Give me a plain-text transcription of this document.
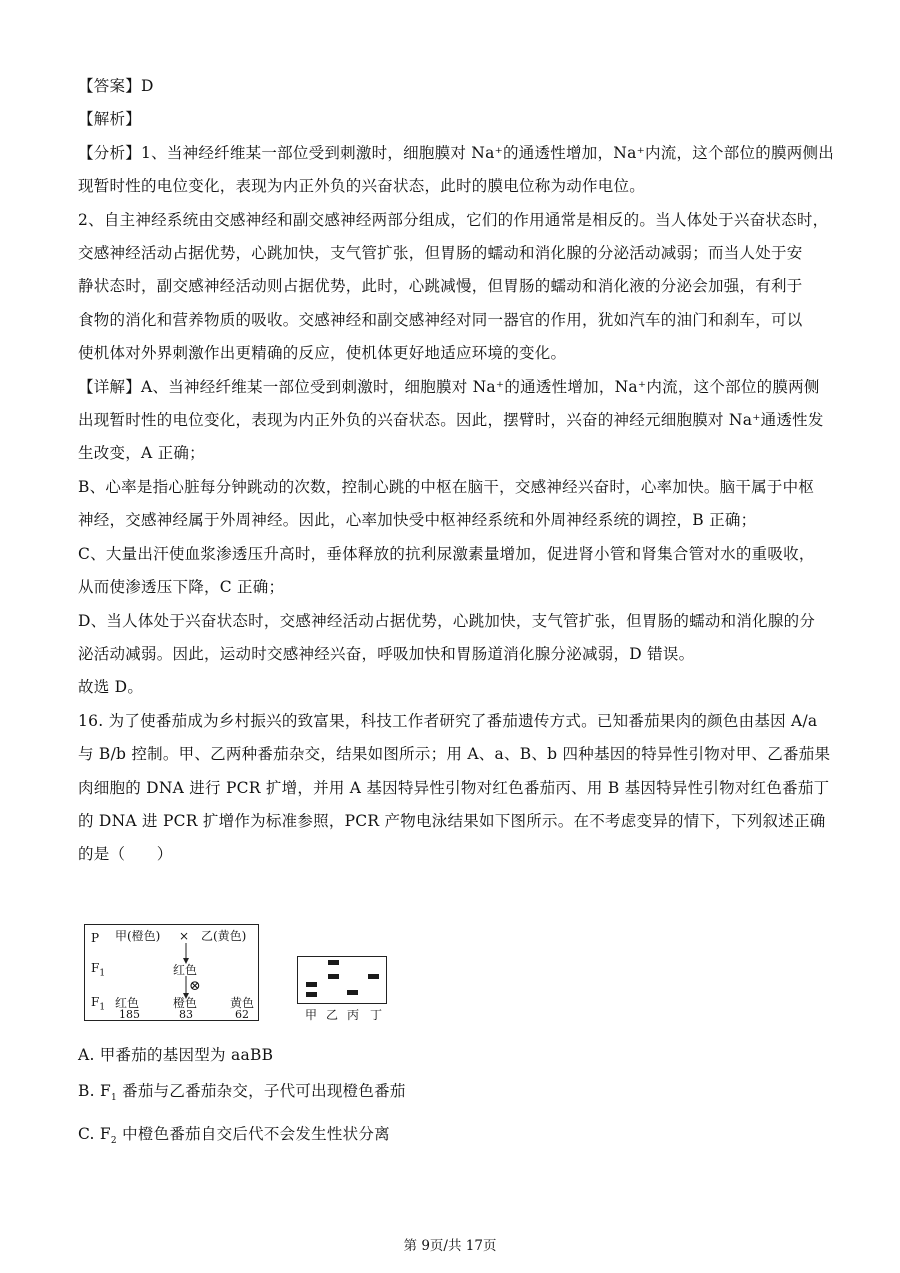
【答案】D
【解析】
【分析】1、当神经纤维某一部位受到刺激时，细胞膜对 Na⁺的通透性增加，Na⁺内流，这个部位的膜两侧出
现暂时性的电位变化，表现为内正外负的兴奋状态，此时的膜电位称为动作电位。
2、自主神经系统由交感神经和副交感神经两部分组成，它们的作用通常是相反的。当人体处于兴奋状态时，
交感神经活动占据优势，心跳加快，支气管扩张，但胃肠的蠕动和消化腺的分泌活动减弱；而当人处于安
静状态时，副交感神经活动则占据优势，此时，心跳减慢，但胃肠的蠕动和消化液的分泌会加强，有利于
食物的消化和营养物质的吸收。交感神经和副交感神经对同一器官的作用，犹如汽车的油门和刹车，可以
使机体对外界刺激作出更精确的反应，使机体更好地适应环境的变化。
【详解】A、当神经纤维某一部位受到刺激时，细胞膜对 Na⁺的通透性增加，Na⁺内流，这个部位的膜两侧
出现暂时性的电位变化，表现为内正外负的兴奋状态。因此，摆臂时，兴奋的神经元细胞膜对 Na⁺通透性发
生改变，A 正确；
B、心率是指心脏每分钟跳动的次数，控制心跳的中枢在脑干，交感神经兴奋时，心率加快。脑干属于中枢
神经，交感神经属于外周神经。因此，心率加快受中枢神经系统和外周神经系统的调控，B 正确；
C、大量出汗使血浆渗透压升高时，垂体释放的抗利尿激素量增加，促进肾小管和肾集合管对水的重吸收，
从而使渗透压下降，C 正确；
D、当人体处于兴奋状态时，交感神经活动占据优势，心跳加快，支气管扩张，但胃肠的蠕动和消化腺的分
泌活动减弱。因此，运动时交感神经兴奋，呼吸加快和胃肠道消化腺分泌减弱，D 错误。
故选 D。
16. 为了使番茄成为乡村振兴的致富果，科技工作者研究了番茄遗传方式。已知番茄果肉的颜色由基因 A/a
与 B/b 控制。甲、乙两种番茄杂交，结果如图所示；用 A、a、B、b 四种基因的特异性引物对甲、乙番茄果
肉细胞的 DNA 进行 PCR 扩增，并用 A 基因特异性引物对红色番茄丙、用 B 基因特异性引物对红色番茄丁
的 DNA 进 PCR 扩增作为标准参照，PCR 产物电泳结果如下图所示。在不考虑变异的情下，下列叙述正确
的是（　　）
P 甲(橙色) × 乙(黄色)
$F_1$	红色
⊗
$F_1$ 红色
185
橙色
83
黄色
62	甲 乙 丙 丁
A. 甲番茄的基因型为 aaBB
B. $F_1$ 番茄与乙番茄杂交，子代可出现橙色番茄
C. $F_2$ 中橙色番茄自交后代不会发生性状分离
第 9页/共 17页
